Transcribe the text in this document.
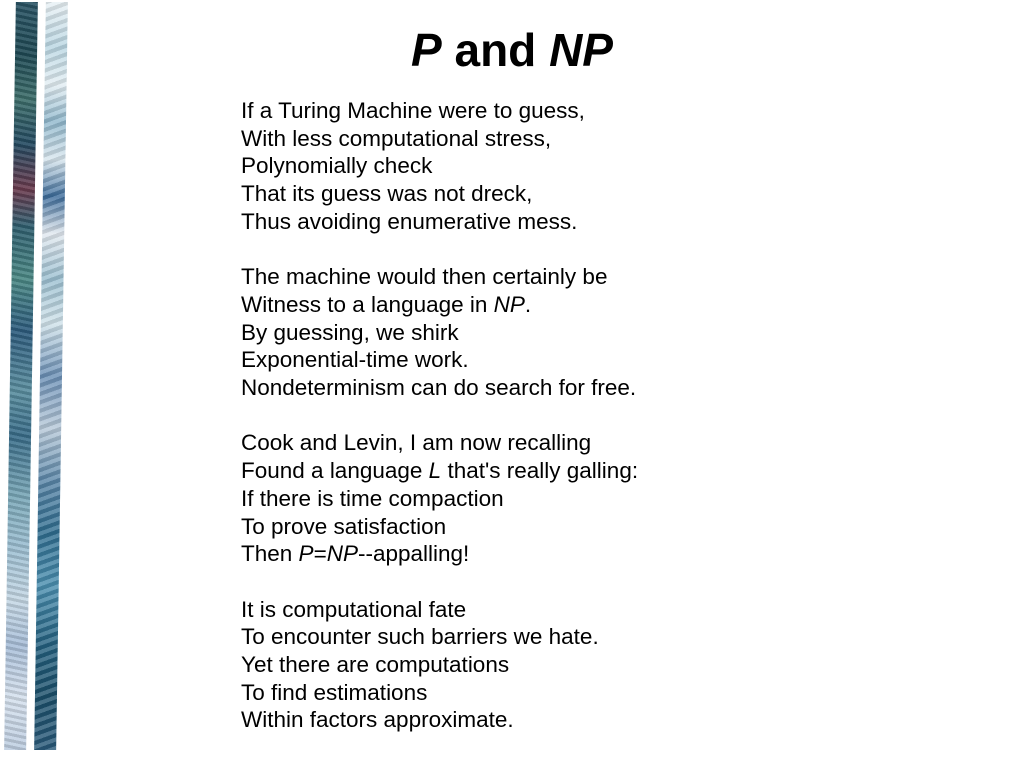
P and NP

If a Turing Machine were to guess,

With less computational stress,

Polynomially check

That its guess was not dreck,

Thus avoiding enumerative mess.

The machine would then certainly be

Witness to a language in NP.

By guessing, we shirk

Exponential-time work.

Nondeterminism can do search for free.

Cook and Levin, I am now recalling

Found a language L that's really galling:

If there is time compaction

To prove satisfaction

Then P=NP--appalling!

It is computational fate

To encounter such barriers we hate.

Yet there are computations

To find estimations

Within factors approximate.
